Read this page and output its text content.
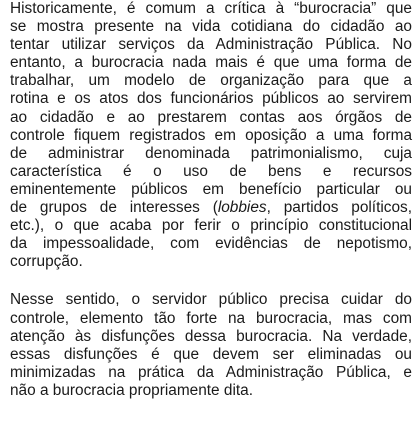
Historicamente, é comum a crítica à “burocracia” que
se mostra presente na vida cotidiana do cidadão ao
tentar utilizar serviços da Administração Pública. No
entanto, a burocracia nada mais é que uma forma de
trabalhar, um modelo de organização para que a
rotina e os atos dos funcionários públicos ao servirem
ao cidadão e ao prestarem contas aos órgãos de
controle fiquem registrados em oposição a uma forma
de administrar denominada patrimonialismo, cuja
característica é o uso de bens e recursos
eminentemente públicos em benefício particular ou
de grupos de interesses (lobbies, partidos políticos,
etc.), o que acaba por ferir o princípio constitucional
da impessoalidade, com evidências de nepotismo,
corrupção.

Nesse sentido, o servidor público precisa cuidar do
controle, elemento tão forte na burocracia, mas com
atenção às disfunções dessa burocracia. Na verdade,
essas disfunções é que devem ser eliminadas ou
minimizadas na prática da Administração Pública, e
não a burocracia propriamente dita.
